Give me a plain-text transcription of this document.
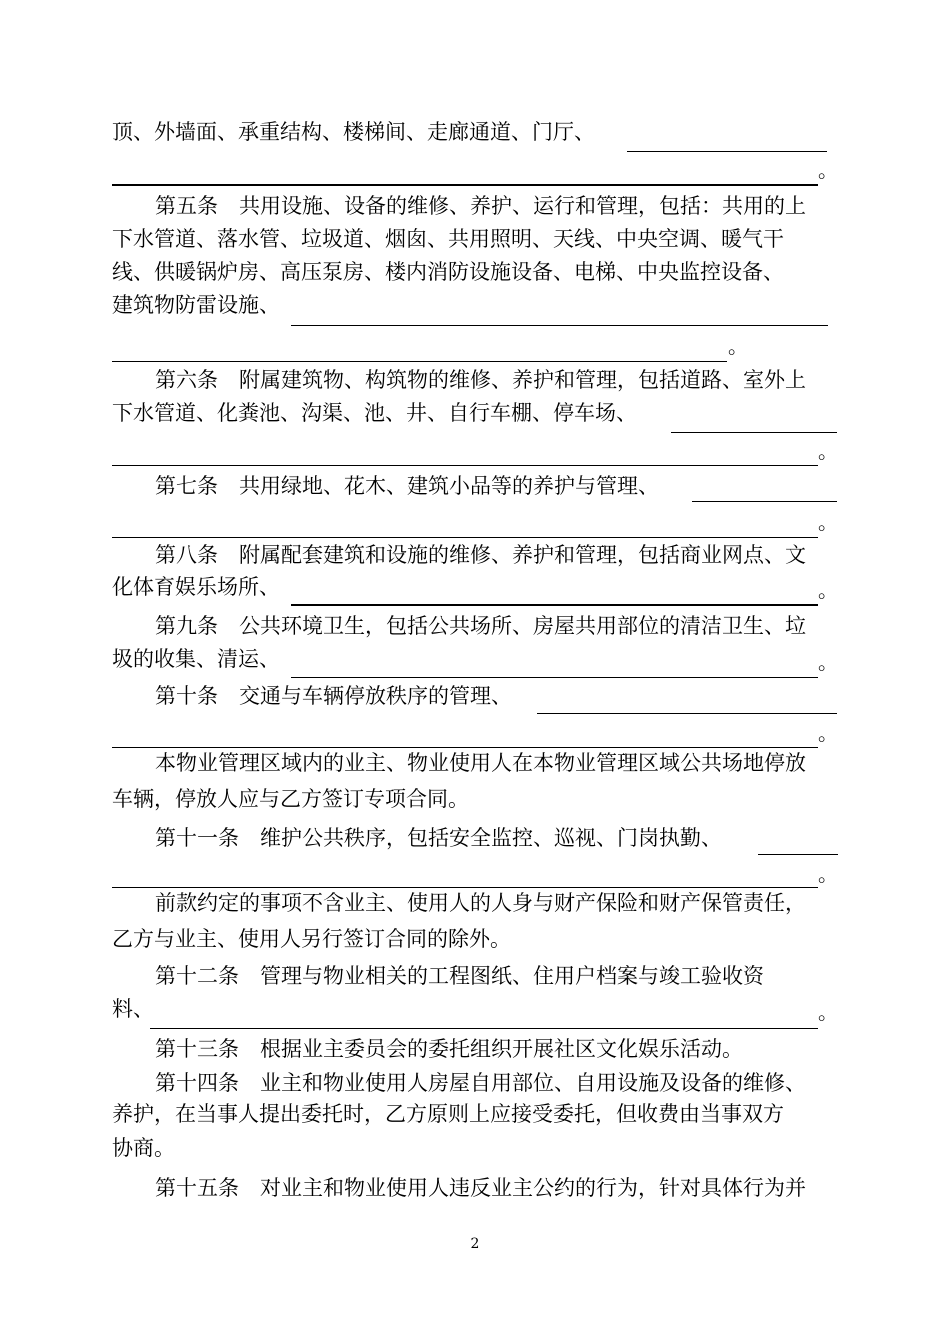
顶、外墙面、承重结构、楼梯间、走廊通道、门厅、
。
第五条　共用设施、设备的维修、养护、运行和管理，包括：共用的上
下水管道、落水管、垃圾道、烟囱、共用照明、天线、中央空调、暖气干
线、供暖锅炉房、高压泵房、楼内消防设施设备、电梯、中央监控设备、
建筑物防雷设施、
。
第六条　附属建筑物、构筑物的维修、养护和管理，包括道路、室外上
下水管道、化粪池、沟渠、池、井、自行车棚、停车场、
。
第七条　共用绿地、花木、建筑小品等的养护与管理、
。
第八条　附属配套建筑和设施的维修、养护和管理，包括商业网点、文
化体育娱乐场所、	。
第九条　公共环境卫生，包括公共场所、房屋共用部位的清洁卫生、垃
圾的收集、清运、	。
第十条　交通与车辆停放秩序的管理、
。
本物业管理区域内的业主、物业使用人在本物业管理区域公共场地停放
车辆，停放人应与乙方签订专项合同。
第十一条　维护公共秩序，包括安全监控、巡视、门岗执勤、
。
前款约定的事项不含业主、使用人的人身与财产保险和财产保管责任，
乙方与业主、使用人另行签订合同的除外。
第十二条　管理与物业相关的工程图纸、住用户档案与竣工验收资
料、	。
第十三条　根据业主委员会的委托组织开展社区文化娱乐活动。
第十四条　业主和物业使用人房屋自用部位、自用设施及设备的维修、
养护，在当事人提出委托时，乙方原则上应接受委托，但收费由当事双方
协商。
第十五条　对业主和物业使用人违反业主公约的行为，针对具体行为并
2
